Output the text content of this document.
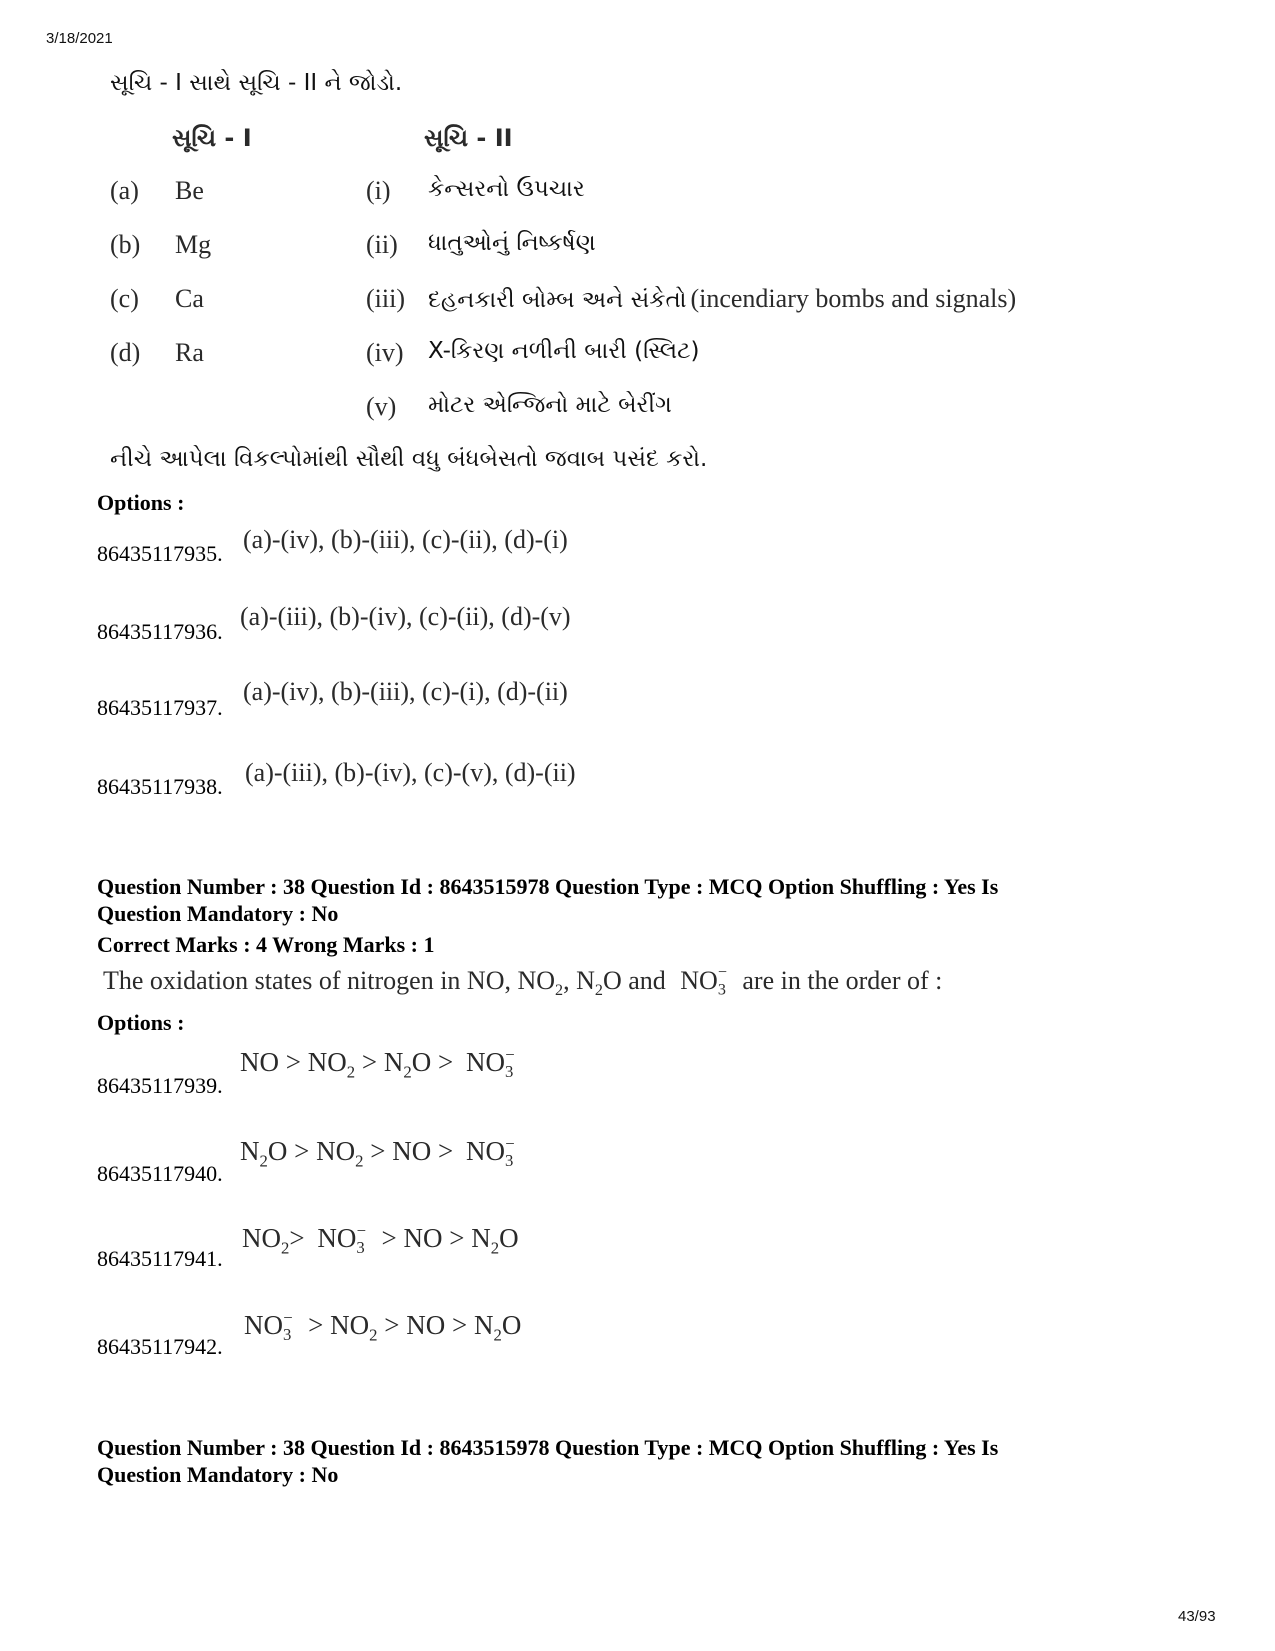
3/18/2021
સૂચિ - I સાથે સૂચિ - II ને જોડો.
સૂચિ - I	સૂચિ - II
(a) Be	(i) કેન્સરનો ઉપચાર
(b) Mg	(ii) ધાતુઓનું નિષ્કર્ષણ
(c) Ca	(iii) દહનકારી બોમ્બ અને સંકેતો (incendiary bombs and signals)
(d) Ra	(iv) X-કિરણ નળીની બારી (સ્લિટ)
(v) મોટર એન્જિનો માટે બેરીંગ
નીચે આપેલા વિકલ્પોમાંથી સૌથી વધુ બંધબેસતો જવાબ પસંદ કરો.
Options :
86435117935. (a)-(iv), (b)-(iii), (c)-(ii), (d)-(i)
86435117936.
(a)-(iii), (b)-(iv), (c)-(ii), (d)-(v)
86435117937.
(a)-(iv), (b)-(iii), (c)-(i), (d)-(ii)
86435117938. (a)-(iii), (b)-(iv), (c)-(v), (d)-(ii)
Question Number : 38 Question Id : 8643515978 Question Type : MCQ Option Shuffling : Yes Is
Question Mandatory : No
Correct Marks : 4 Wrong Marks : 1
The oxidation states of nitrogen in NO, $NO_2$, $N_2O$ and $NO_3$
− are in the order of :
Options :
86435117939.
NO > $NO_2 > N_2O > NO_3$
−
86435117940.
$N_2O > NO_2$ > NO > $NO_3$
−
86435117941.
$NO_2> NO_3$
− > NO > $N_2O$
86435117942.
$NO_3$
− > $NO_2$ > NO > $N_2O$
Question Number : 38 Question Id : 8643515978 Question Type : MCQ Option Shuffling : Yes Is
Question Mandatory : No
43/93
